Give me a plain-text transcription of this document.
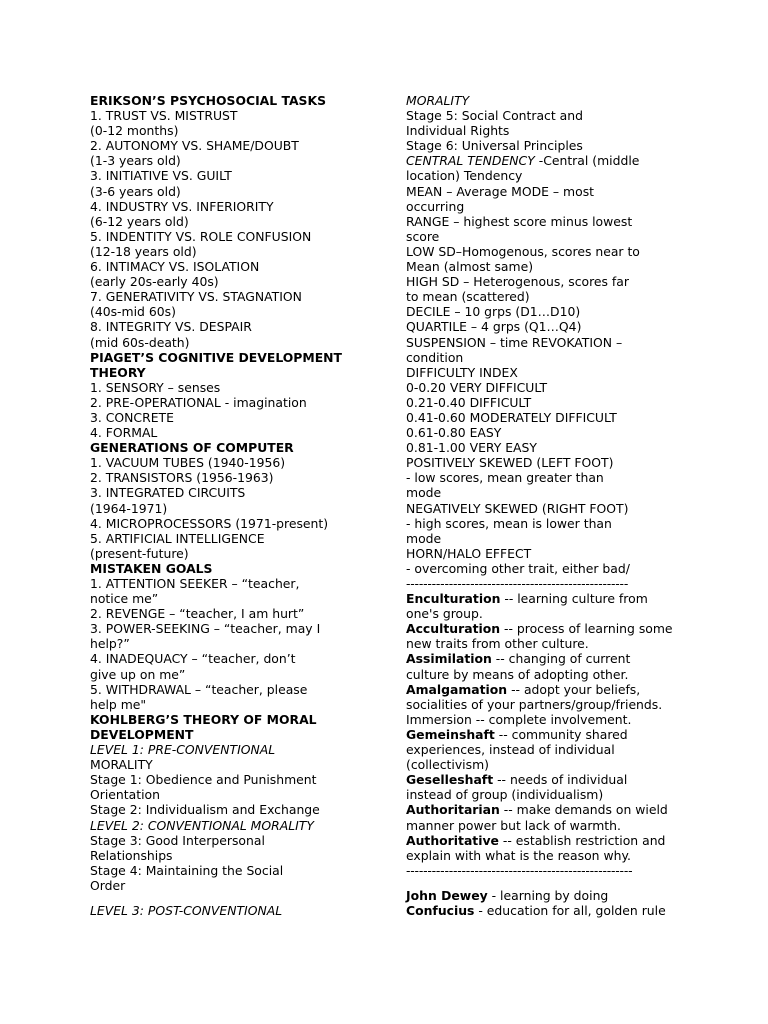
ERIKSON’S PSYCHOSOCIAL TASKS
1. TRUST VS. MISTRUST
(0-12 months)
2. AUTONOMY VS. SHAME/DOUBT
(1-3 years old)
3. INITIATIVE VS. GUILT
(3-6 years old)
4. INDUSTRY VS. INFERIORITY
(6-12 years old)
5. INDENTITY VS. ROLE CONFUSION
(12-18 years old)
6. INTIMACY VS. ISOLATION
(early 20s-early 40s)
7. GENERATIVITY VS. STAGNATION
(40s-mid 60s)
8. INTEGRITY VS. DESPAIR
(mid 60s-death)
PIAGET’S COGNITIVE DEVELOPMENT
THEORY
1. SENSORY – senses
2. PRE-OPERATIONAL - imagination
3. CONCRETE
4. FORMAL
GENERATIONS OF COMPUTER
1. VACUUM TUBES (1940-1956)
2. TRANSISTORS (1956-1963)
3. INTEGRATED CIRCUITS
(1964-1971)
4. MICROPROCESSORS (1971-present)
5. ARTIFICIAL INTELLIGENCE
(present-future)
MISTAKEN GOALS
1. ATTENTION SEEKER – “teacher,
notice me”
2. REVENGE – “teacher, I am hurt”
3. POWER-SEEKING – “teacher, may I
help?”
4. INADEQUACY – “teacher, don’t
give up on me”
5. WITHDRAWAL – “teacher, please
help me"
KOHLBERG’S THEORY OF MORAL
DEVELOPMENT
LEVEL 1: PRE-CONVENTIONAL
MORALITY
Stage 1: Obedience and Punishment
Orientation
Stage 2: Individualism and Exchange
LEVEL 2: CONVENTIONAL MORALITY
Stage 3: Good Interpersonal
Relationships
Stage 4: Maintaining the Social
Order
LEVEL 3: POST-CONVENTIONAL
MORALITY
Stage 5: Social Contract and
Individual Rights
Stage 6: Universal Principles
CENTRAL TENDENCY -Central (middle
location) Tendency
MEAN – Average MODE – most
occurring
RANGE – highest score minus lowest
score
LOW SD–Homogenous, scores near to
Mean (almost same)
HIGH SD – Heterogenous, scores far
to mean (scattered)
DECILE – 10 grps (D1…D10)
QUARTILE – 4 grps (Q1…Q4)
SUSPENSION – time REVOKATION –
condition
DIFFICULTY INDEX
0-0.20 VERY DIFFICULT
0.21-0.40 DIFFICULT
0.41-0.60 MODERATELY DIFFICULT
0.61-0.80 EASY
0.81-1.00 VERY EASY
POSITIVELY SKEWED (LEFT FOOT)
- low scores, mean greater than
mode
NEGATIVELY SKEWED (RIGHT FOOT)
- high scores, mean is lower than
mode
HORN/HALO EFFECT
- overcoming other trait, either bad/
----------------------------------------------------
Enculturation -- learning culture from
one's group.
Acculturation -- process of learning some
new traits from other culture.
Assimilation -- changing of current
culture by means of adopting other.
Amalgamation -- adopt your beliefs,
socialities of your partners/group/friends.
Immersion -- complete involvement.
Gemeinshaft -- community shared
experiences, instead of individual
(collectivism)
Geselleshaft -- needs of individual
instead of group (individualism)
Authoritarian -- make demands on wield
manner power but lack of warmth.
Authoritative -- establish restriction and
explain with what is the reason why.
-----------------------------------------------------
John Dewey - learning by doing
Confucius - education for all, golden rule
